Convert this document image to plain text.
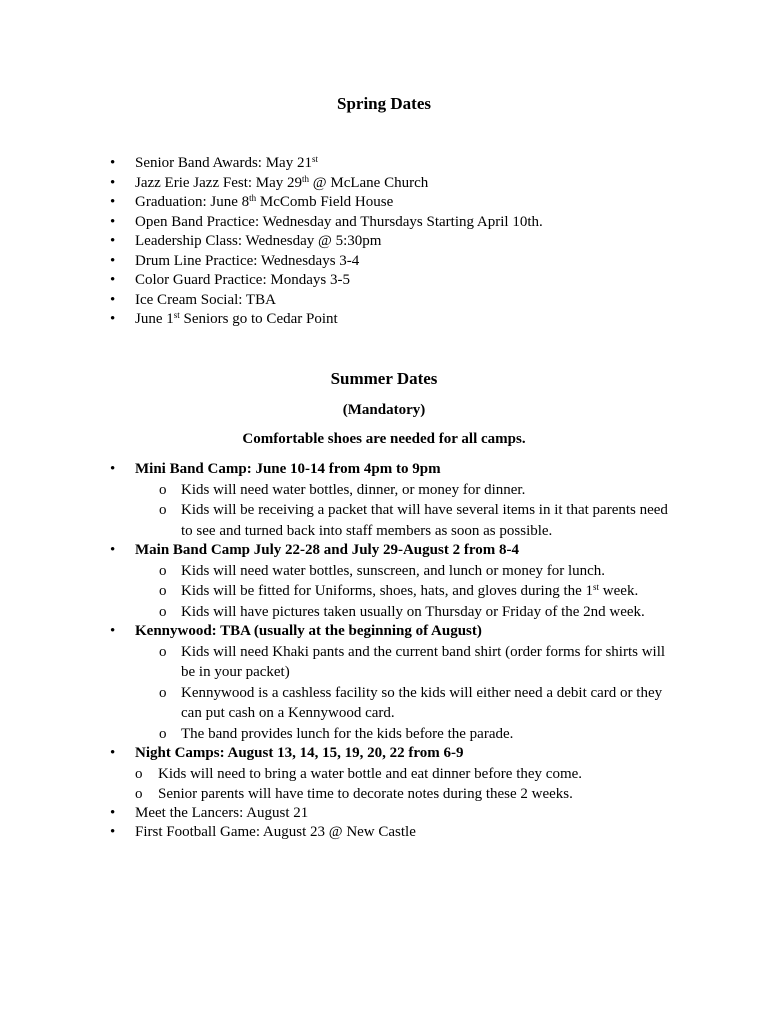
Spring Dates
• Senior Band Awards: May 21st
• Jazz Erie Jazz Fest: May 29th @ McLane Church
• Graduation: June 8th McComb Field House
• Open Band Practice: Wednesday and Thursdays Starting April 10th.
• Leadership Class: Wednesday @ 5:30pm
• Drum Line Practice: Wednesdays 3-4
• Color Guard Practice: Mondays 3-5
• Ice Cream Social: TBA
• June 1st Seniors go to Cedar Point
Summer Dates

(Mandatory)

Comfortable shoes are needed for all camps.

• Mini Band Camp: June 10-14 from 4pm to 9pm
o Kids will need water bottles, dinner, or money for dinner.
o Kids will be receiving a packet that will have several items in it that parents need to see and turned back into staff members as soon as possible.
• Main Band Camp July 22-28 and July 29-August 2 from 8-4
o Kids will need water bottles, sunscreen, and lunch or money for lunch.
o Kids will be fitted for Uniforms, shoes, hats, and gloves during the 1st week.
o Kids will have pictures taken usually on Thursday or Friday of the 2nd week.
• Kennywood: TBA (usually at the beginning of August)
o Kids will need Khaki pants and the current band shirt (order forms for shirts will be in your packet)
o Kennywood is a cashless facility so the kids will either need a debit card or they can put cash on a Kennywood card.
o The band provides lunch for the kids before the parade.
• Night Camps: August 13, 14, 15, 19, 20, 22 from 6-9
o Kids will need to bring a water bottle and eat dinner before they come.
o Senior parents will have time to decorate notes during these 2 weeks.
• Meet the Lancers: August 21
• First Football Game: August 23 @ New Castle
